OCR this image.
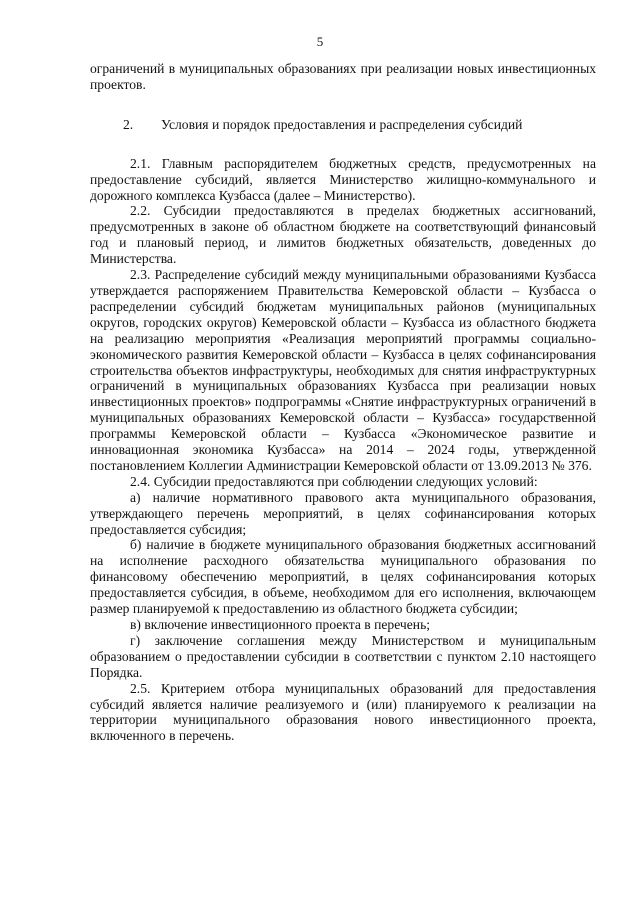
5

ограничений в муниципальных образованиях при реализации новых инвестиционных проектов.

2. Условия и порядок предоставления и распределения субсидий

2.1. Главным распорядителем бюджетных средств, предусмотренных на предоставление субсидий, является Министерство жилищно-коммунального и дорожного комплекса Кузбасса (далее – Министерство).

2.2. Субсидии предоставляются в пределах бюджетных ассигнований, предусмотренных в законе об областном бюджете на соответствующий финансовый год и плановый период, и лимитов бюджетных обязательств, доведенных до Министерства.

2.3. Распределение субсидий между муниципальными образованиями Кузбасса утверждается распоряжением Правительства Кемеровской области – Кузбасса о распределении субсидий бюджетам муниципальных районов (муниципальных округов, городских округов) Кемеровской области – Кузбасса из областного бюджета на реализацию мероприятия «Реализация мероприятий программы социально-экономического развития Кемеровской области – Кузбасса в целях софинансирования строительства объектов инфраструктуры, необходимых для снятия инфраструктурных ограничений в муниципальных образованиях Кузбасса при реализации новых инвестиционных проектов» подпрограммы «Снятие инфраструктурных ограничений в муниципальных образованиях Кемеровской области – Кузбасса» государственной программы Кемеровской области – Кузбасса «Экономическое развитие и инновационная экономика Кузбасса» на 2014 – 2024 годы, утвержденной постановлением Коллегии Администрации Кемеровской области от 13.09.2013 № 376.

2.4. Субсидии предоставляются при соблюдении следующих условий:

а) наличие нормативного правового акта муниципального образования, утверждающего перечень мероприятий, в целях софинансирования которых предоставляется субсидия;

б) наличие в бюджете муниципального образования бюджетных ассигнований на исполнение расходного обязательства муниципального образования по финансовому обеспечению мероприятий, в целях софинансирования которых предоставляется субсидия, в объеме, необходимом для его исполнения, включающем размер планируемой к предоставлению из областного бюджета субсидии;

в) включение инвестиционного проекта в перечень;

г) заключение соглашения между Министерством и муниципальным образованием о предоставлении субсидии в соответствии с пунктом 2.10 настоящего Порядка.

2.5. Критерием отбора муниципальных образований для предоставления субсидий является наличие реализуемого и (или) планируемого к реализации на территории муниципального образования нового инвестиционного проекта, включенного в перечень.
